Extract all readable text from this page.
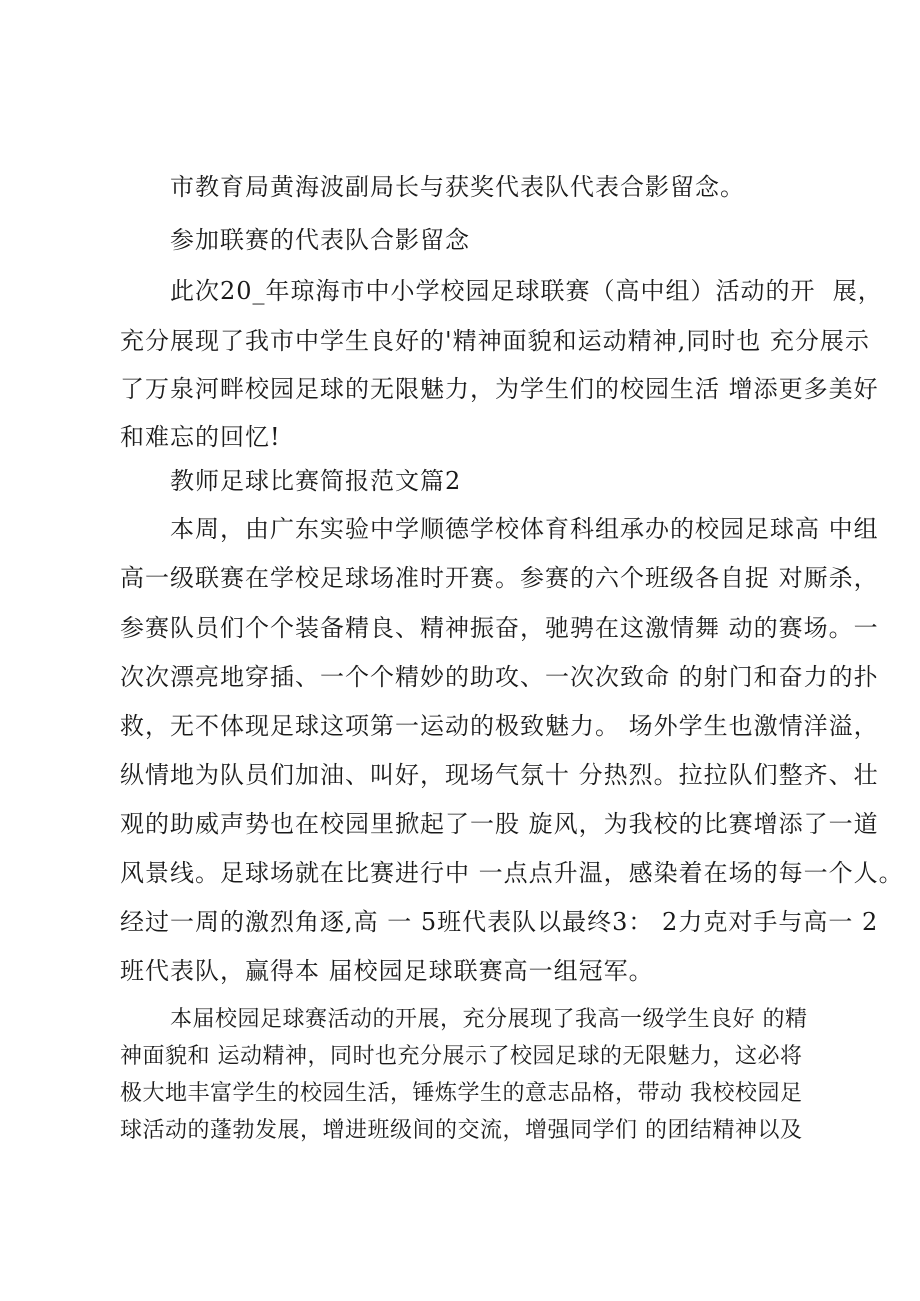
市教育局黄海波副局长与获奖代表队代表合影留念。
参加联赛的代表队合影留念
此次20_年琼海市中小学校园足球联赛（高中组）活动的开  展，
充分展现了我市中学生良好的'精神面貌和运动精神,同时也 充分展示
了万泉河畔校园足球的无限魅力，为学生们的校园生活 增添更多美好
和难忘的回忆!
教师足球比赛简报范文篇2
本周，由广东实验中学顺德学校体育科组承办的校园足球高 中组
高一级联赛在学校足球场准时开赛。参赛的六个班级各自捉 对厮杀，
参赛队员们个个装备精良、精神振奋，驰骋在这激情舞 动的赛场。一
次次漂亮地穿插、一个个精妙的助攻、一次次致命 的射门和奋力的扑
救，无不体现足球这项第一运动的极致魅力。 场外学生也激情洋溢，
纵情地为队员们加油、叫好，现场气氛十 分热烈。拉拉队们整齐、壮
观的助威声势也在校园里掀起了一股 旋风，为我校的比赛增添了一道
风景线。足球场就在比赛进行中 一点点升温，感染着在场的每一个人。
经过一周的激烈角逐,高 一 5班代表队以最终3： 2力克对手与高一 2
班代表队，赢得本 届校园足球联赛高一组冠军。
本届校园足球赛活动的开展，充分展现了我高一级学生良好 的精
神面貌和 运动精神，同时也充分展示了校园足球的无限魅力，这必将
极大地丰富学生的校园生活，锤炼学生的意志品格，带动 我校校园足
球活动的蓬勃发展，增进班级间的交流，增强同学们 的团结精神以及
